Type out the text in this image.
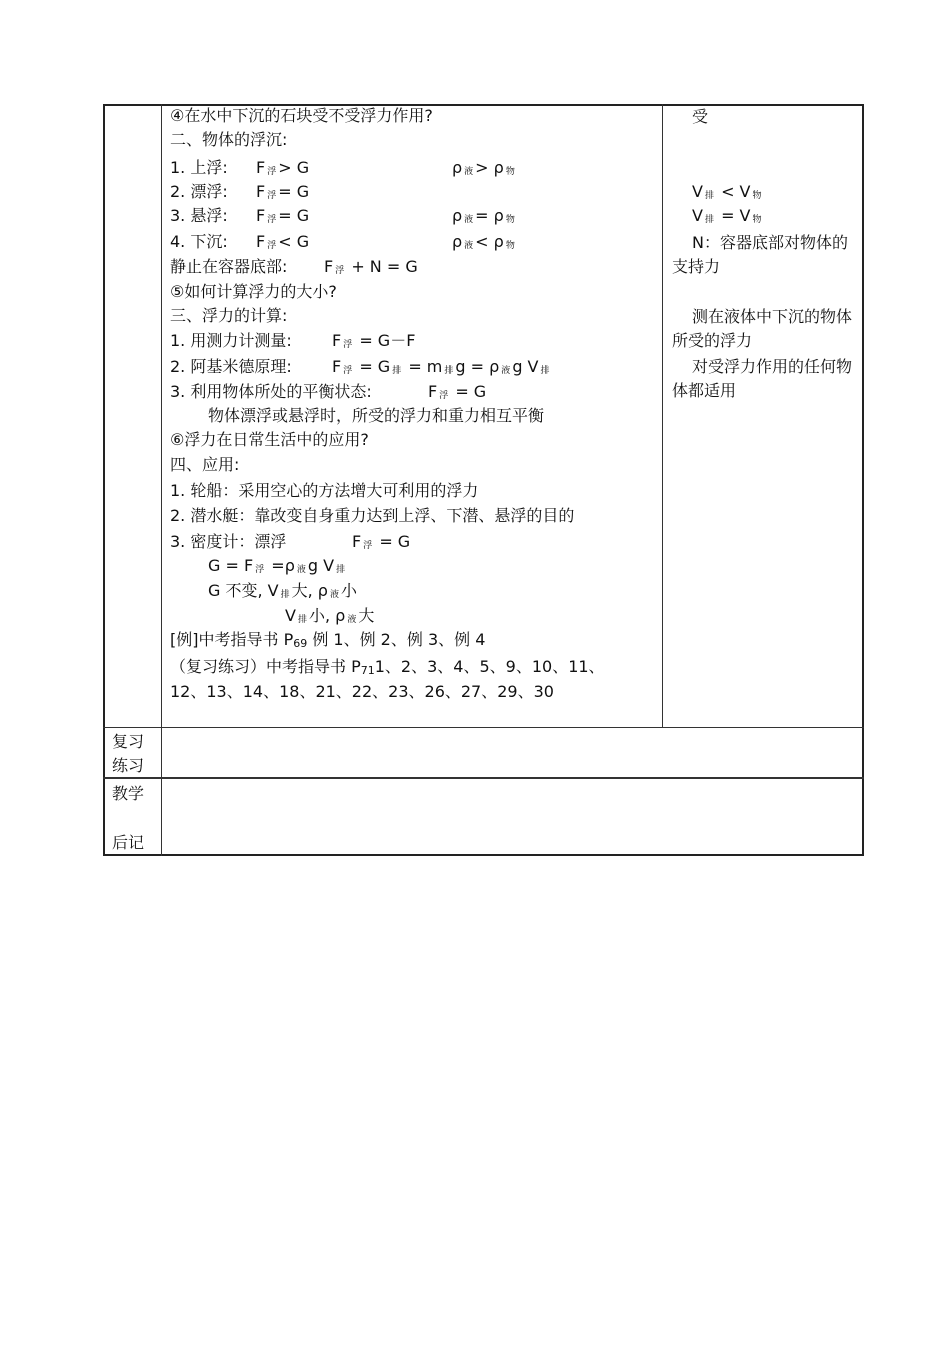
④在水中下沉的石块受不受浮力作用?
二、物体的浮沉:
1. 上浮: F浮 > G	ρ液 > ρ 物
2. 漂浮: F浮 = G
3. 悬浮: F浮 = G	ρ液 = ρ 物
4. 下沉: F浮 < G	ρ液 < ρ 物
静止在容器底部: F浮 + N = G
⑤如何计算浮力的大小?
三、浮力的计算:
1. 用测力计测量:	F浮 = G－F
2. 阿基米德原理:	F浮 = G 排 = m 排 g = ρ 液 g V 排
3. 利用物体所处的平衡状态:	F浮 = G
物体漂浮或悬浮时，所受的浮力和重力相互平衡
⑥浮力在日常生活中的应用?
四、应用:
1. 轮船：采用空心的方法增大可利用的浮力
2. 潜水艇：靠改变自身重力达到上浮、下潜、悬浮的目的
3. 密度计：漂浮	F浮 = G
G = F 浮 =ρ 液 g V 排
G 不变, V 排 大, ρ 液 小
V排 小, ρ 液 大
[例]中考指导书 P69 例 1、例 2、例 3、例 4
（复习练习）中考指导书 P711、2、3、4、5、9、10、11、
12、13、14、18、21、22、23、26、27、29、30
受
V排 < V 物
V排 = V 物
N：容器底部对物体的支持力
测在液体中下沉的物体所受的浮力
对受浮力作用的任何物体都适用
复习
练习
教学
后记
